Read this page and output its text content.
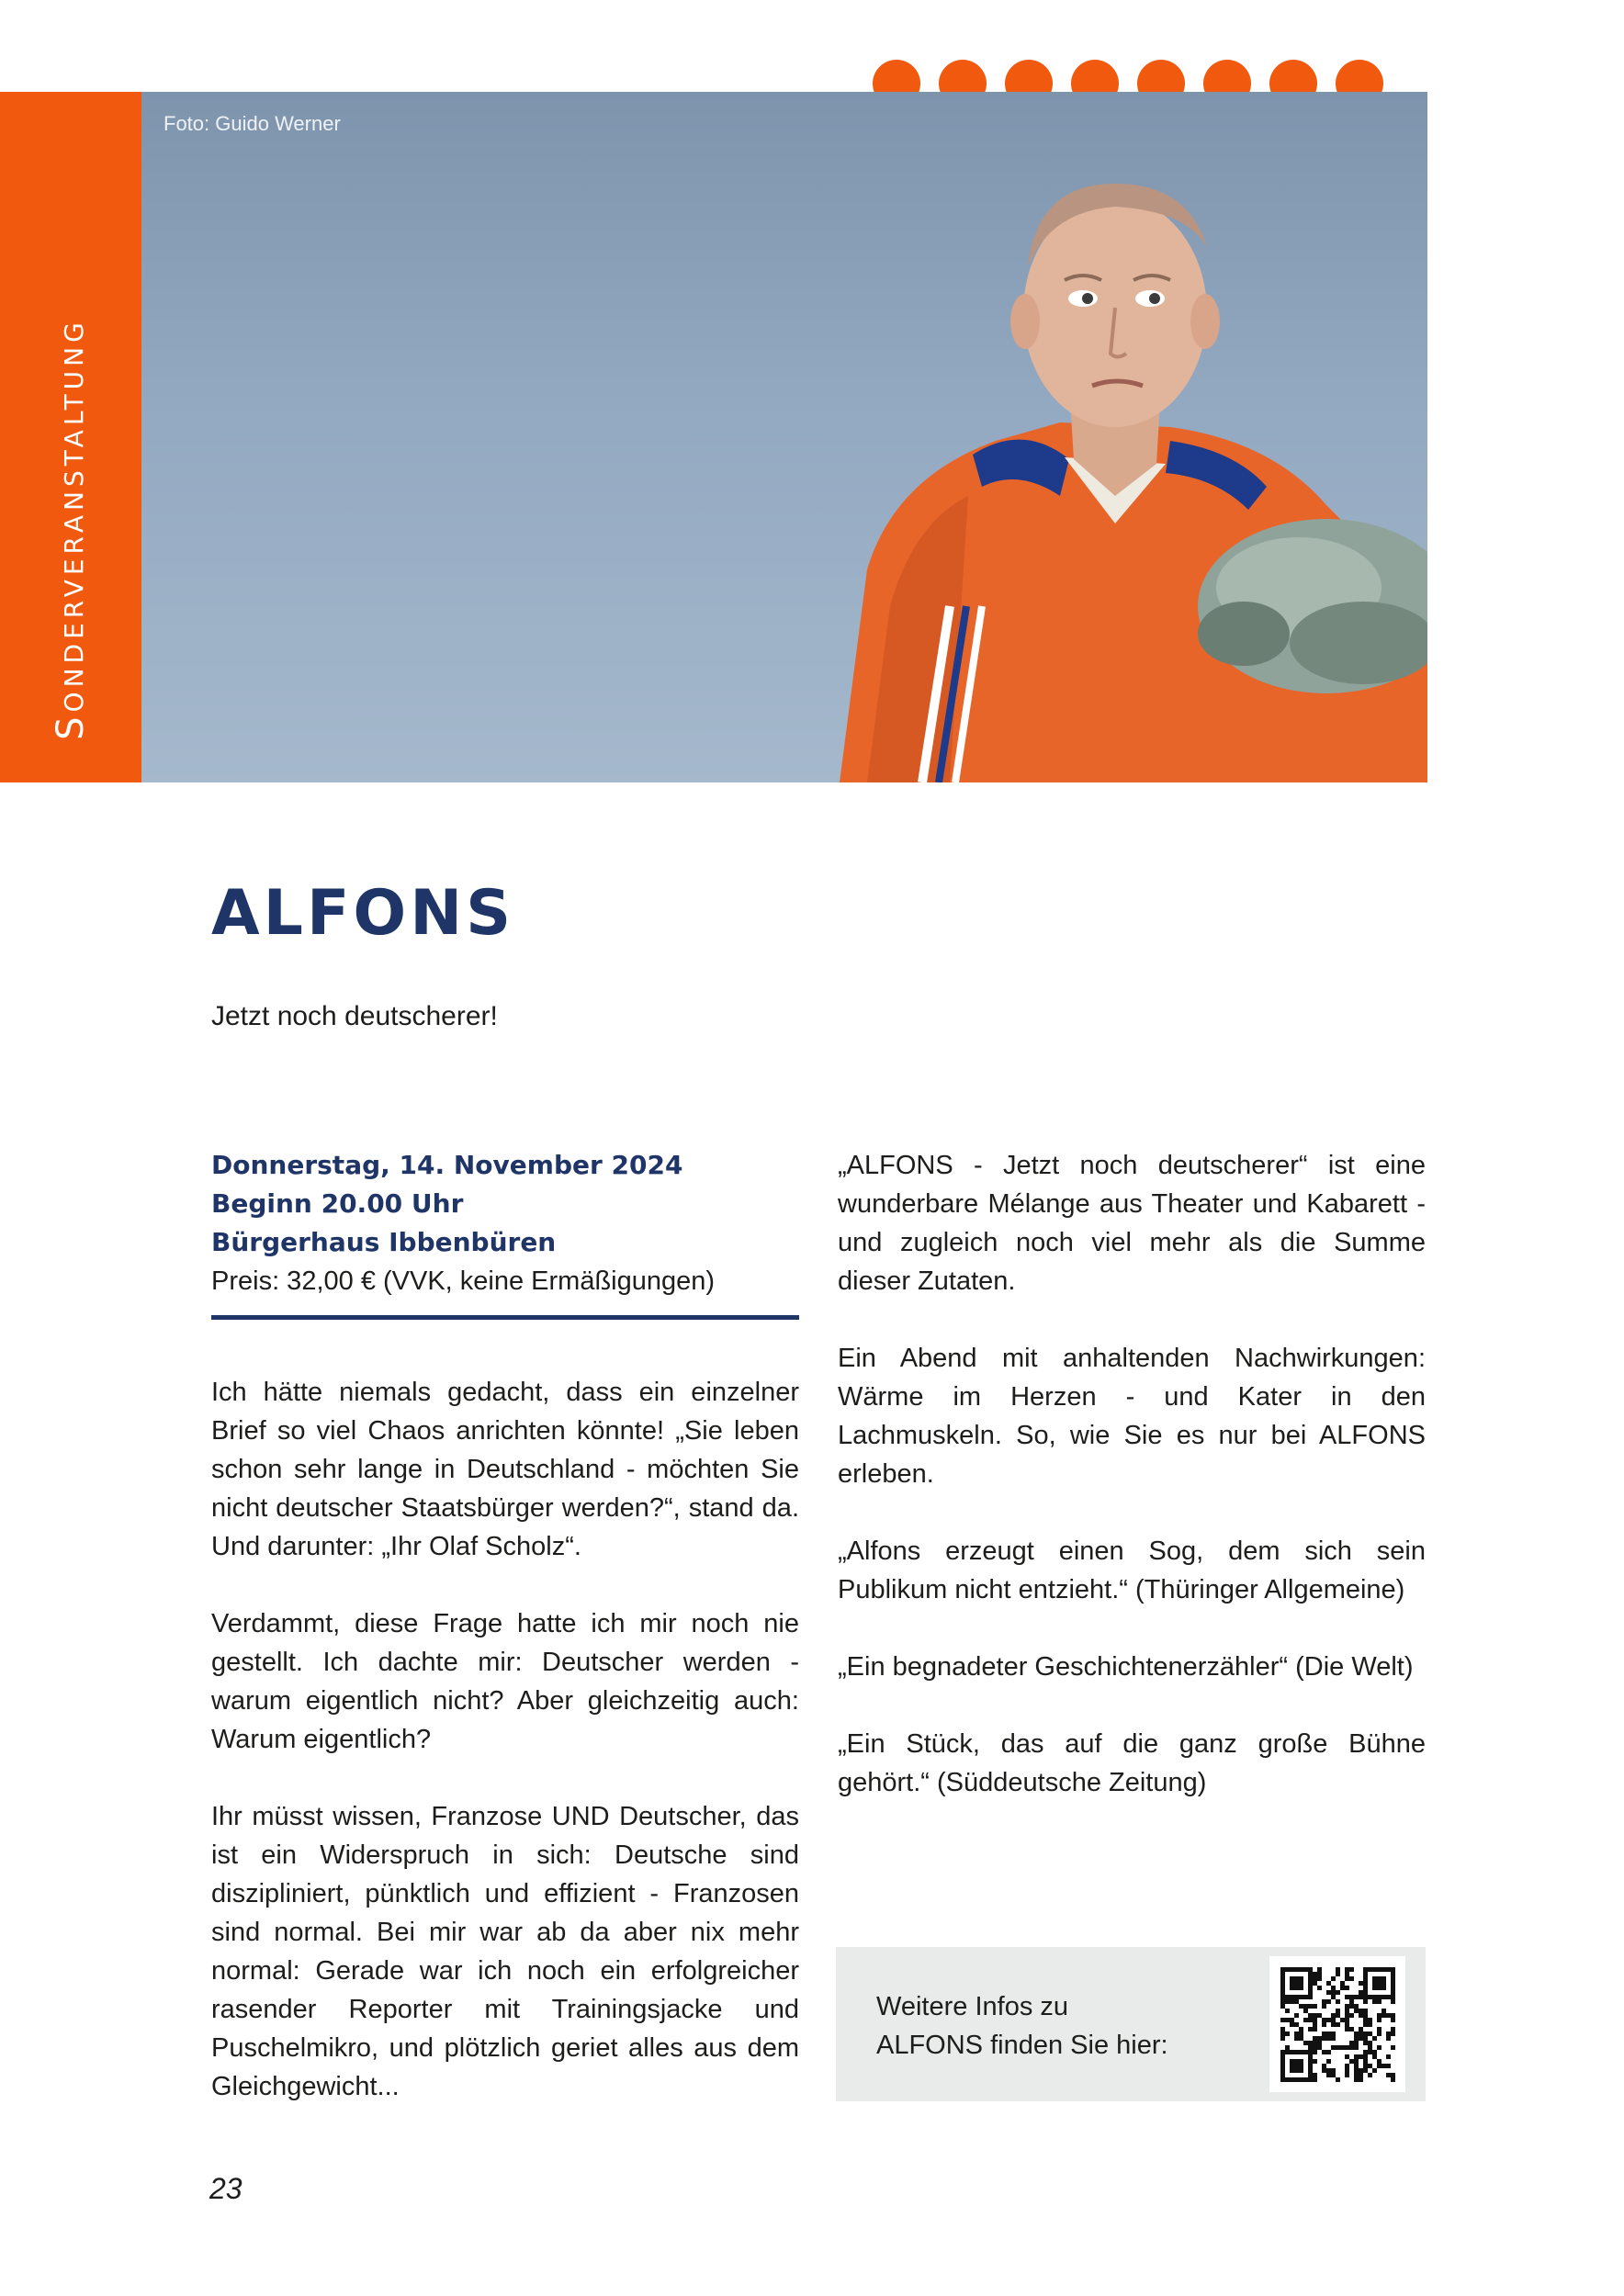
Sonderveranstaltung
Foto: Guido Werner
ALFONS
Jetzt noch deutscherer!

Donnerstag, 14. November 2024

Beginn 20.00 Uhr

Bürgerhaus Ibbenbüren

Preis: 32,00 € (VVK, keine Ermäßigungen)

Ich hätte niemals gedacht, dass ein einzelner Brief so viel Chaos anrichten könnte! „Sie leben schon sehr lange in Deutschland - möchten Sie nicht deutscher Staatsbürger werden?“, stand da. Und darunter: „Ihr Olaf Scholz“.

Verdammt, diese Frage hatte ich mir noch nie gestellt. Ich dachte mir: Deutscher werden - warum eigentlich nicht? Aber gleichzeitig auch: Warum eigentlich?

Ihr müsst wissen, Franzose UND Deutscher, das ist ein Widerspruch in sich: Deutsche sind diszipliniert, pünktlich und effizient - Franzosen sind normal. Bei mir war ab da aber nix mehr normal: Gerade war ich noch ein erfolgreicher rasender Reporter mit Trainingsjacke und Puschelmikro, und plötzlich geriet alles aus dem Gleichgewicht...

„ALFONS - Jetzt noch deutscherer“ ist eine wunderbare Mélange aus Theater und Kabarett - und zugleich noch viel mehr als die Summe dieser Zutaten.

Ein Abend mit anhaltenden Nachwirkungen: Wärme im Herzen - und Kater in den Lachmuskeln. So, wie Sie es nur bei ALFONS erleben.

„Alfons erzeugt einen Sog, dem sich sein Publikum nicht entzieht.“ (Thüringer Allgemeine)

„Ein begnadeter Geschichtenerzähler“ (Die Welt)

„Ein Stück, das auf die ganz große Bühne gehört.“ (Süddeutsche Zeitung)

Weitere Infos zu
ALFONS finden Sie hier:
23
